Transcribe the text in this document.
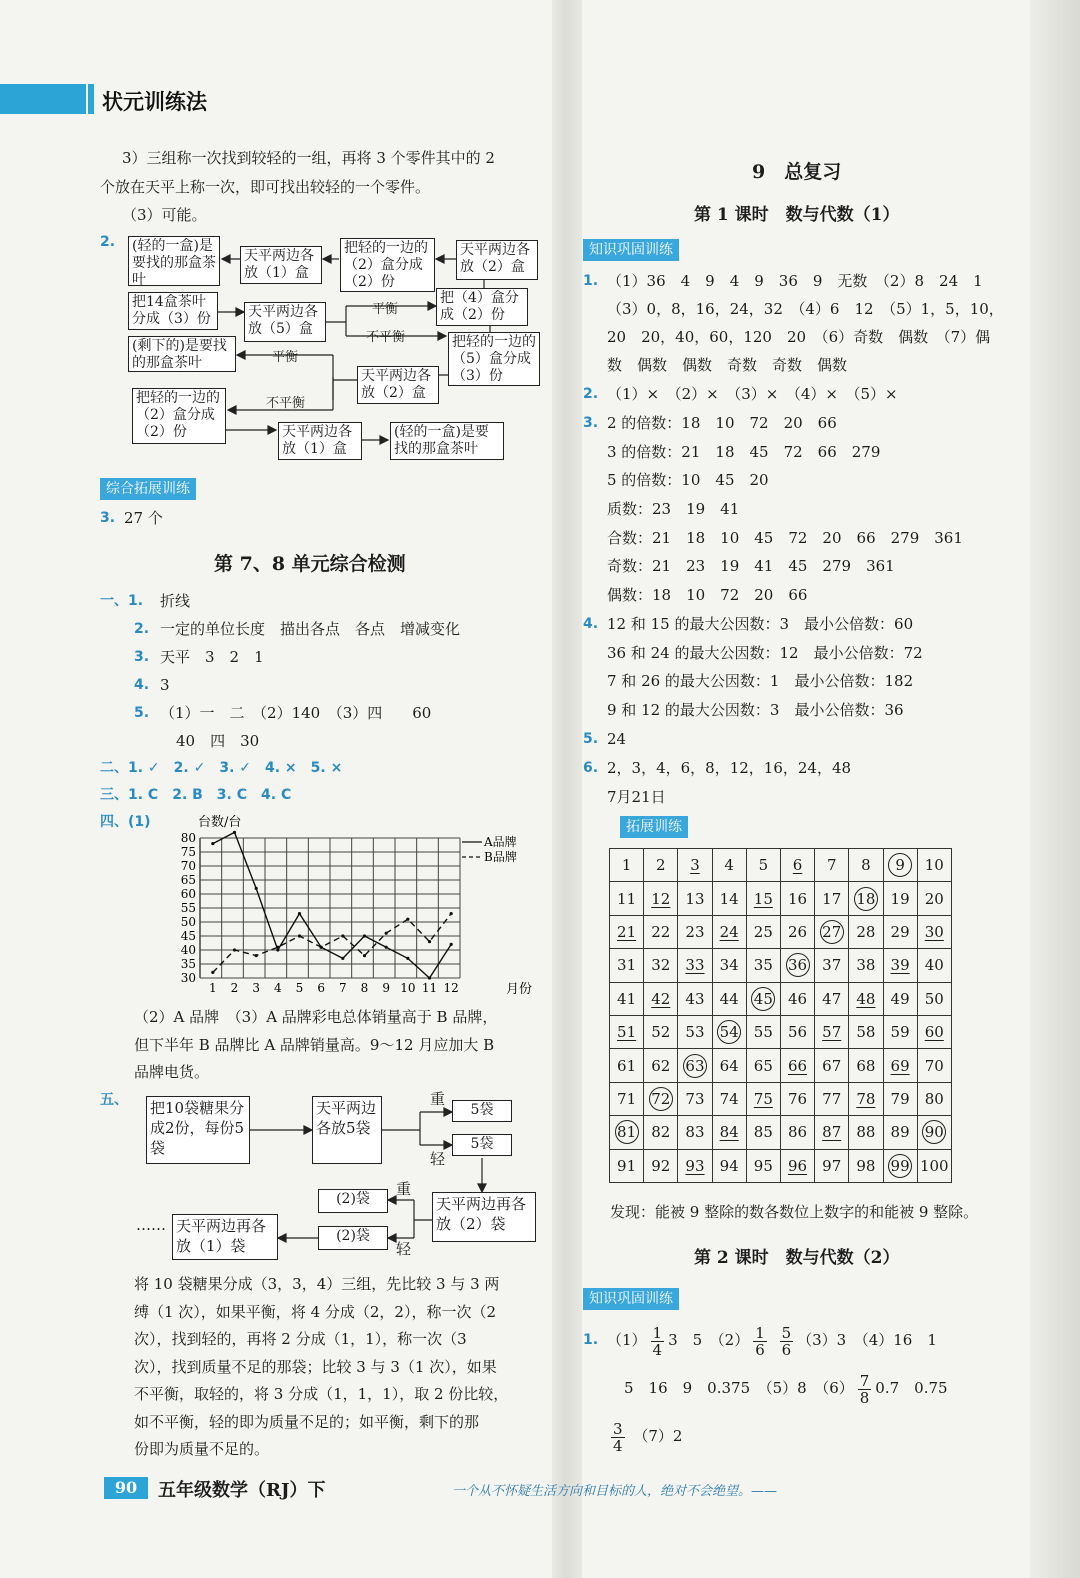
状元训练法
3）三组称一次找到较轻的一组，再将 3 个零件其中的 2
个放在天平上称一次，即可找出较轻的一个零件。
（3）可能。
2. (轻的一盒)是要找的那盒茶叶
天平两边各放（1）盒
把轻的一边的（2）盒分成（2）份
天平两边各放（2）盒
把14盒茶叶分成（3）份	天平两边各放（5）盒
把（4）盒分成（2）份
(剩下的)是要找的那盒茶叶
把轻的一边的（5）盒分成（3）份
天平两边各放（2）盒
把轻的一边的（2）盒分成（2）份	天平两边各放（1）盒
(轻的一盒)是要找的那盒茶叶
平衡
不平衡
平衡
不平衡
综合拓展训练
3. 27 个
第 7、8 单元综合检测
一、1. 折线
2. 一定的单位长度　描出各点　各点　增减变化
3. 天平　3　2　1
4. 3
5. （1）一　二　（2）140　（3）四　　60
40　四　30
二、1. ✓　2. ✓　3. ✓　4. ×　5. ×
三、1. C　2. B　3. C　4. C
四、(1)
30
35
40
45
50
55
60
65
70
75
80
1 2 3 4 5 6 7 8 9 10 11 12
台数/台
月份
A品牌
B品牌
（2）A 品牌　（3）A 品牌彩电总体销量高于 B 品牌，
但下半年 B 品牌比 A 品牌销量高。9～12 月应加大 B
品牌电货。
五、 把10袋糖果分成2份，每份5袋
天平两边各放5袋
5袋
5袋
(2)袋
(2)袋
天平两边再各放（2）袋
天平两边再各放（1）袋
重
轻
重
轻
……
将 10 袋糖果分成（3，3，4）三组，先比较 3 与 3 两
缚（1 次），如果平衡，将 4 分成（2，2），称一次（2
次），找到轻的，再将 2 分成（1，1），称一次（3
次），找到质量不足的那袋；比较 3 与 3（1 次），如果
不平衡，取轻的，将 3 分成（1，1，1），取 2 份比较，
如不平衡，轻的即为质量不足的；如平衡，剩下的那
份即为质量不足的。
9　总复习
第 1 课时　数与代数（1）
知识巩固训练
1. （1）36　4　9　4　9　36　9　无数　（2）8　24　1
（3）0，8，16，24，32　（4）6　12　（5）1，5，10，
20　20，40，60，120　20　（6）奇数　偶数　（7）偶
数　偶数　偶数　奇数　奇数　偶数
2. （1）×　（2）×　（3）×　（4）×　（5）×
3. 2 的倍数：18　10　72　20　66
3 的倍数：21　18　45　72　66　279
5 的倍数：10　45　20
质数：23　19　41
合数：21　18　10　45　72　20　66　279　361
奇数：21　23　19　41　45　279　361
偶数：18　10　72　20　66
4. 12 和 15 的最大公因数：3　最小公倍数：60
36 和 24 的最大公因数：12　最小公倍数：72
7 和 26 的最大公因数：1　最小公倍数：182
9 和 12 的最大公因数：3　最小公倍数：36
5. 24
6. 2，3，4，6，8，12，16，24，48
7月21日
拓展训练
1	2	3	4	5	6	7	8	9	10
11	12	13	14	15	16	17	18	19	20
21	22	23	24	25	26	27	28	29	30
31	32	33	34	35	36	37	38	39	40
41	42	43	44	45	46	47	48	49	50
51	52	53	54	55	56	57	58	59	60
61	62	63	64	65	66	67	68	69	70
71	72	73	74	75	76	77	78	79	80
81	82	83	84	85	86	87	88	89	90
91	92	93	94	95	96	97	98	99	100
发现：能被 9 整除的数各数位上数字的和能被 9 整除。
第 2 课时　数与代数（2）
知识巩固训练
1. $(1) \frac{1}{4} 3$　5　$(2) \frac{1}{6}$
$\frac{5}{6} (3)3$　（4）16　1
5　16　9　0.375　（5）8　$(6) \frac{7}{8} 0.7$　0.75
$\frac{3}{4} (7)2$
90	五年级数学（RJ）下	一个从不怀疑生活方向和目标的人，绝对不会绝望。——
